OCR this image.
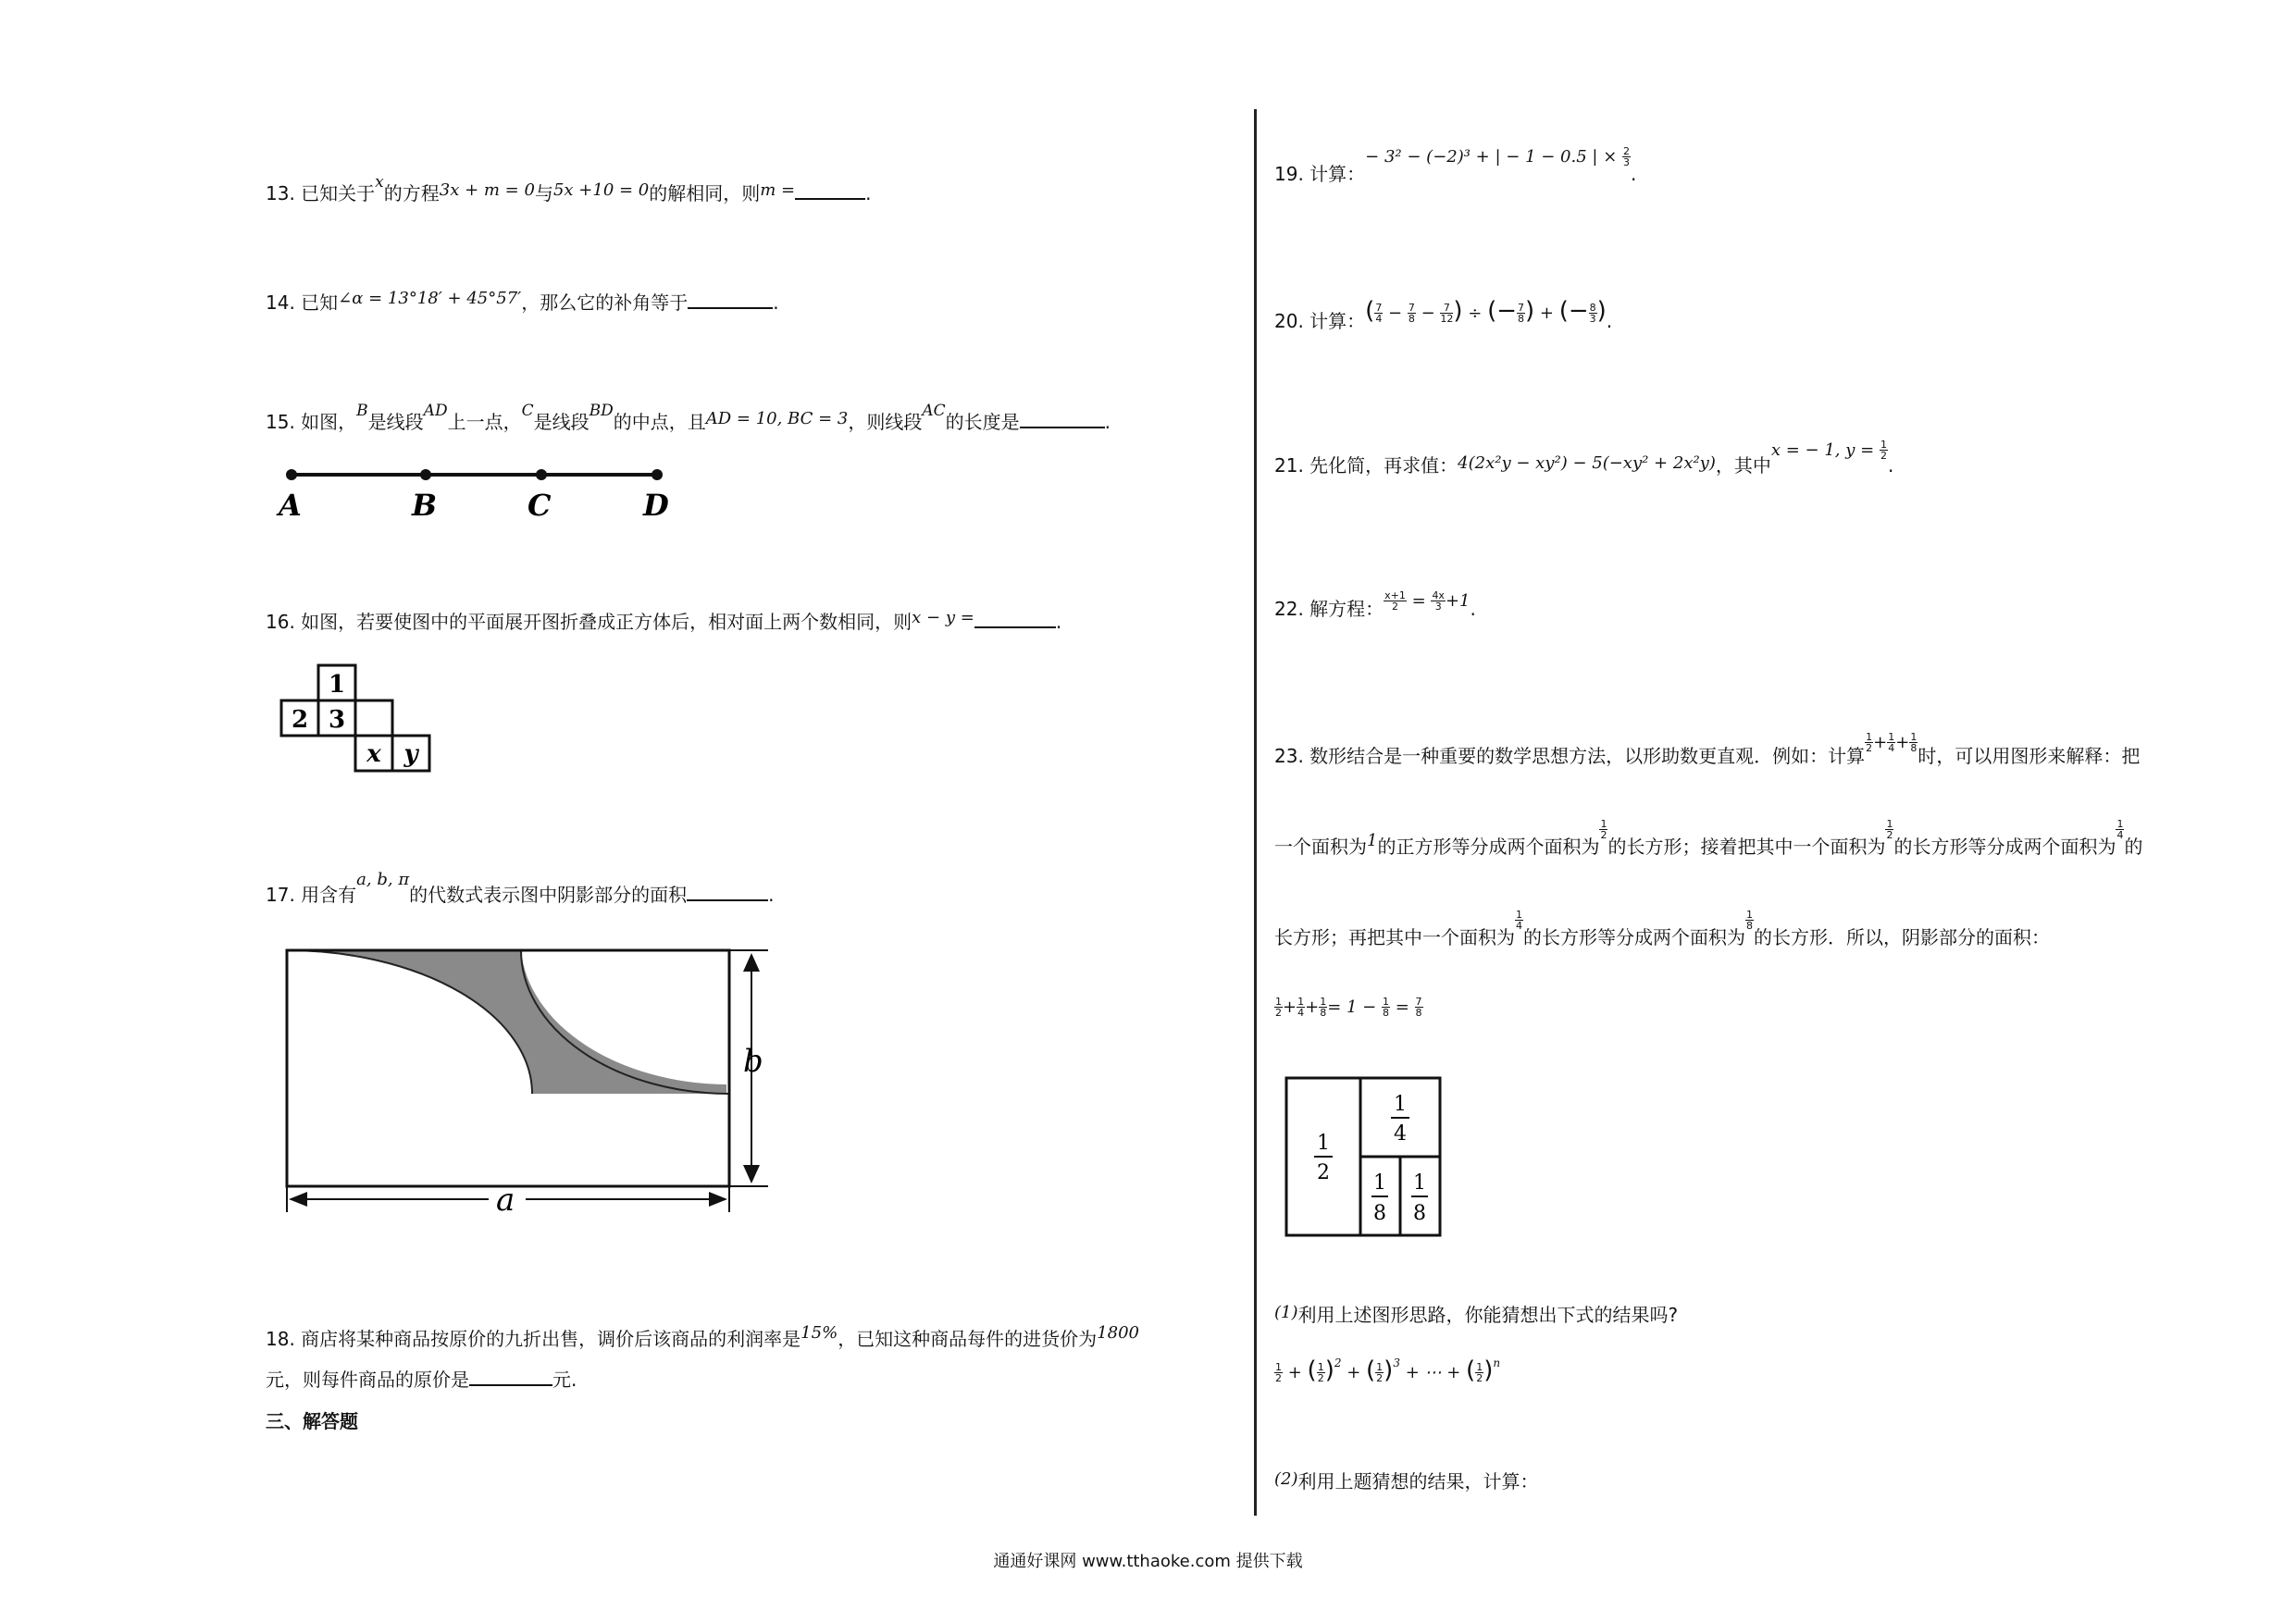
13. 已知关于$^x$的方程3x + m = 0与5x +10 = 0的解相同，则m =	.
14. 已知∠α = 13°18′ + 45°57′，那么它的补角等于	.
15. 如图，$^B$是线段$^{AD}$上一点，$^C$是线段$^{BD}$的中点，且AD = 10, BC = 3，则线段$^{AC}$的长度是	.
A	B	C	D
16. 如图，若要使图中的平面展开图折叠成正方体后，相对面上两个数相同，则x − y =	.
1
2 3
x y
17. 用含有a, b, π的代数式表示图中阴影部分的面积	.
b
a
18. 商店将某种商品按原价的九折出售，调价后该商品的利润率是15%，已知这种商品每件的进货价为1800
元，则每件商品的原价是	元.
三、解答题
19. 计算：− 3² − (−2)³ + | − 1 − 0.5 | × $\frac{2}{3}$
.
20. 计算：( $\frac{7}{4} - \frac{7}{8} - \frac{7}{12}$ ) ÷ (− $\frac{7}{8}$ ) + (− $\frac{8}{3}$ ).
21. 先化简，再求值：4(2x²y − xy²) − 5(−xy² + 2x²y)，其中x = − 1, $y = \frac{1}{2}$
.
22. 解方程： $\frac{x+1}{2} = \frac{4x}{3} +1$.
23. 数形结合是一种重要的数学思想方法，以形助数更直观．例如：计算
$\frac{1}{2} + \frac{1}{4} + \frac{1}{8}$
时，可以用图形来解释：把
一个面积为1的正方形等分成两个面积为
$\frac{1}{2}$
的长方形；接着把其中一个面积为
$\frac{1}{2}$
的长方形等分成两个面积为
$\frac{1}{4}$
的
长方形；再把其中一个面积为
$\frac{1}{4}$
的长方形等分成两个面积为
$\frac{1}{8}$
的长方形．所以，阴影部分的面积：
$\frac{1}{2} + \frac{1}{4} + \frac{1}{8} = 1 - \frac{1}{8} = \frac{7}{8}$
1
2
1
4
1
8
1
8
(1)利用上述图形思路，你能猜想出下式的结果吗?
$\frac{1}{2}$ + ( $\frac{1}{2} )^2$ + ( $\frac{1}{2} )^3$ + ⋯ + ( $\frac{1}{2} )^n$
(2)利用上题猜想的结果，计算：
通通好课网 www.tthaoke.com 提供下载
